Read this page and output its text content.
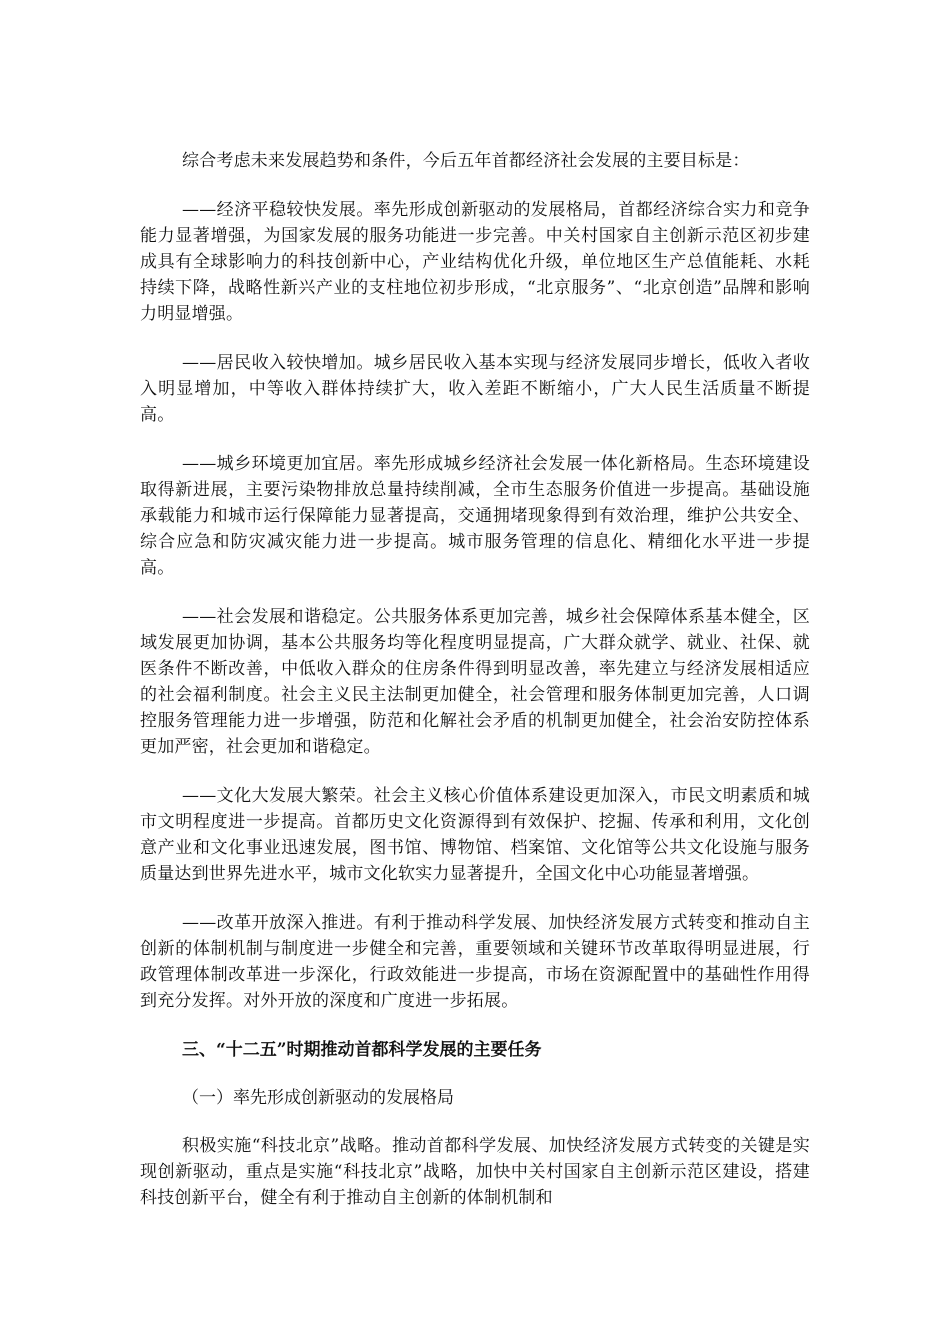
综合考虑未来发展趋势和条件，今后五年首都经济社会发展的主要目标是：

——经济平稳较快发展。率先形成创新驱动的发展格局，首都经济综合实力和竞争能力显著增强，为国家发展的服务功能进一步完善。中关村国家自主创新示范区初步建成具有全球影响力的科技创新中心，产业结构优化升级，单位地区生产总值能耗、水耗持续下降，战略性新兴产业的支柱地位初步形成，“北京服务”、“北京创造”品牌和影响力明显增强。

——居民收入较快增加。城乡居民收入基本实现与经济发展同步增长，低收入者收入明显增加，中等收入群体持续扩大，收入差距不断缩小，广大人民生活质量不断提高。

——城乡环境更加宜居。率先形成城乡经济社会发展一体化新格局。生态环境建设取得新进展，主要污染物排放总量持续削减，全市生态服务价值进一步提高。基础设施承载能力和城市运行保障能力显著提高，交通拥堵现象得到有效治理，维护公共安全、综合应急和防灾减灾能力进一步提高。城市服务管理的信息化、精细化水平进一步提高。

——社会发展和谐稳定。公共服务体系更加完善，城乡社会保障体系基本健全，区域发展更加协调，基本公共服务均等化程度明显提高，广大群众就学、就业、社保、就医条件不断改善，中低收入群众的住房条件得到明显改善，率先建立与经济发展相适应的社会福利制度。社会主义民主法制更加健全，社会管理和服务体制更加完善，人口调控服务管理能力进一步增强，防范和化解社会矛盾的机制更加健全，社会治安防控体系更加严密，社会更加和谐稳定。

——文化大发展大繁荣。社会主义核心价值体系建设更加深入，市民文明素质和城市文明程度进一步提高。首都历史文化资源得到有效保护、挖掘、传承和利用，文化创意产业和文化事业迅速发展，图书馆、博物馆、档案馆、文化馆等公共文化设施与服务质量达到世界先进水平，城市文化软实力显著提升，全国文化中心功能显著增强。

——改革开放深入推进。有利于推动科学发展、加快经济发展方式转变和推动自主创新的体制机制与制度进一步健全和完善，重要领域和关键环节改革取得明显进展，行政管理体制改革进一步深化，行政效能进一步提高，市场在资源配置中的基础性作用得到充分发挥。对外开放的深度和广度进一步拓展。

三、“十二五”时期推动首都科学发展的主要任务

（一）率先形成创新驱动的发展格局

积极实施“科技北京”战略。推动首都科学发展、加快经济发展方式转变的关键是实现创新驱动，重点是实施“科技北京”战略，加快中关村国家自主创新示范区建设，搭建科技创新平台，健全有利于推动自主创新的体制机制和
